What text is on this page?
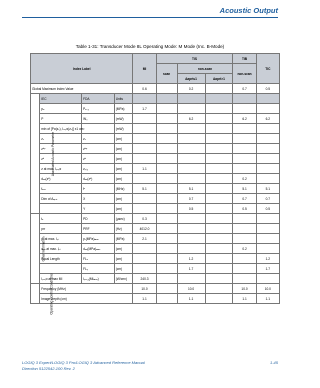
Acoustic Output
Table 1-31: Transducer Mode 8L Operating Mode: M Mode (Inc. B-Mode)
Index Label				MI	TIS			TIB	TIC
					scan	non-scan		non-scan	
						Aaprt≤1	Aaprt>1		
Global Maximum Index Value				0.6		0.2		0.7	0.5
Associated Acoustic Parameter	IEC	FDA	Units						
	pₐ	Pₙ.₃	(MPa)	1.7					
	P	W₀	(mW)			6.2		6.2	6.2
	min of [Pα(zₛ), Iₜₐ,α(zₛ)] x1 cm²		(mW)						
	zₛ	zₛ	(cm)						
	zᵇᵖ	zᵇᵖ	(cm)						
	zᵇ	zᵇ	(cm)						
	z at max. Iₚₐ,α	zₚᵢ₄	(cm)	1.1					
	dₑₙ(zᵇ)	dₑₙ(zᵇ)	(cm)					0.2	
	fₐᵤₓ	fᶜ	(MHz)	5.1		5.1		5.1	5.1
	Dim of Aₐₚᵣₜ	X	(cm)			0.7		0.7	0.7
		Y	(cm)			0.5		0.5	0.5
Other Information	tₑ	PD	(µsec)	0.3					
	prr	PRF	(Hz)	4012.0					
	pᵣ at max. Iₚᵢ	pᵣ(MPa)ₘₐₓ	(MPa)	2.1					
	dₑₙ at max. Iₚᵢ	dₑₙ(MPa)ₘₐₓ	(cm)					0.2	
	Focal Length	FLₓ	(cm)			1.2			1.2
		FLᵧ	(cm)			1.7			1.7
	Iₚₐ,α at max MI	Iₚₐ,₃(MIₘₐₓ)	(W/cm²)	240.3					
Operating Control Conditions	Frequency (MHz)			10.0		10.0		10.0	10.0
	Image Depth (cm)			1.1		1.1		1.1	1.1
LOGIQ 3 Expert/LOGIQ 3 Pro/LOGIQ 3 Advanced Reference Manual
Direction 5122542-100 Rev. 2
1-45
